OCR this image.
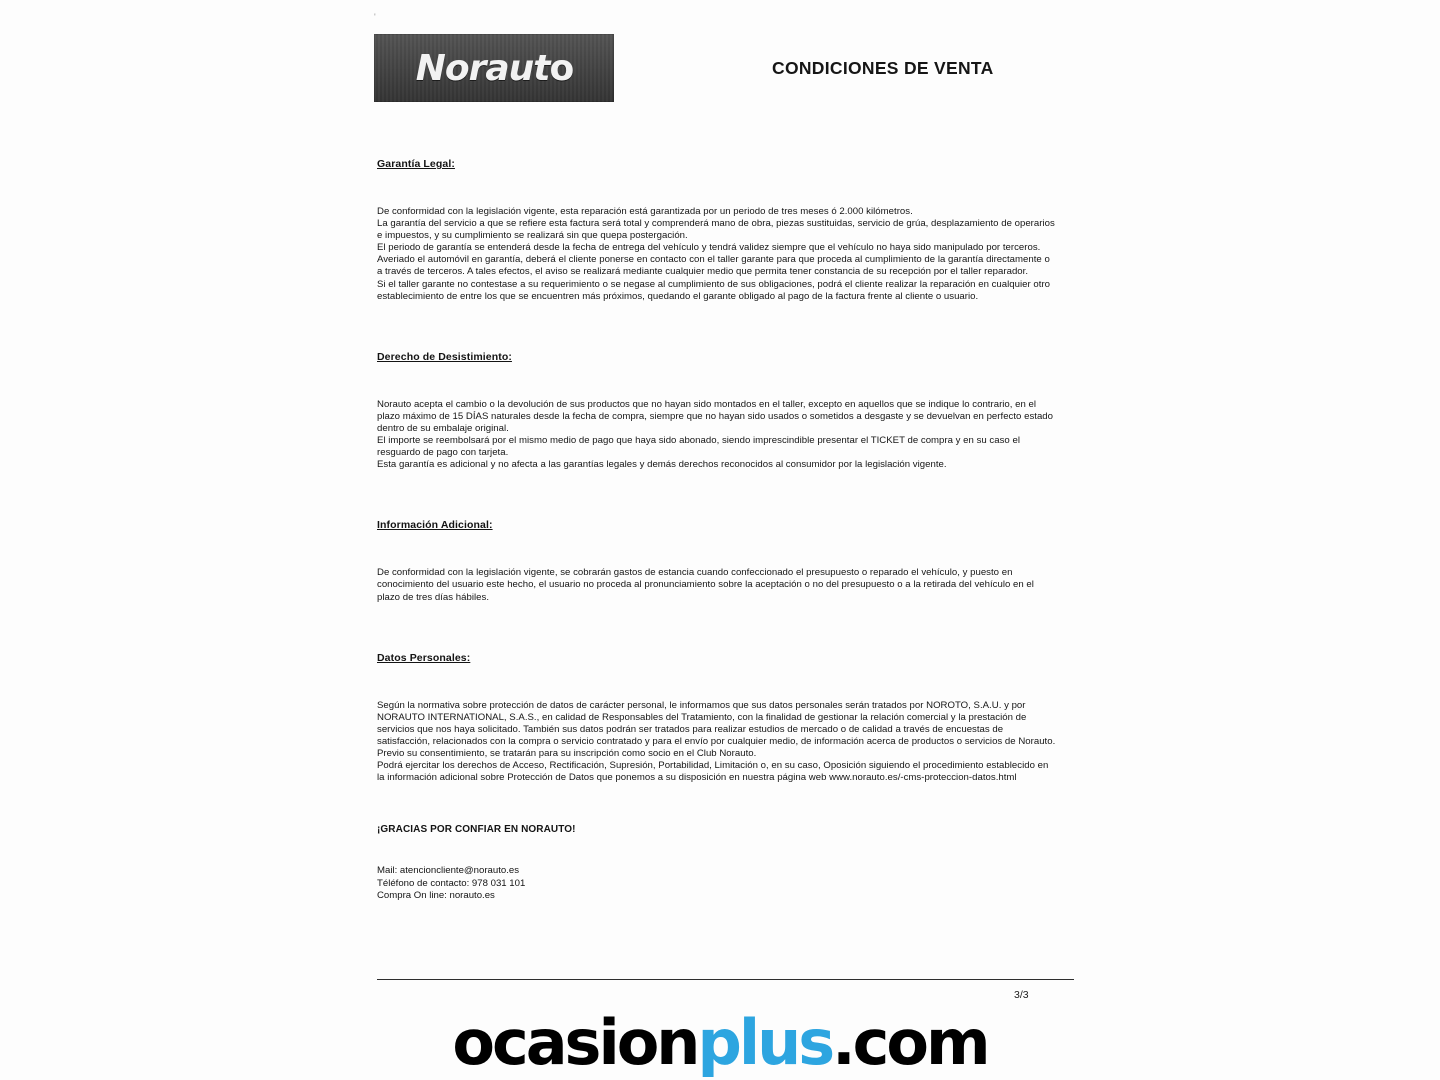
'
Norauto	CONDICIONES DE VENTA
Garantía Legal:

De conformidad con la legislación vigente, esta reparación está garantizada por un periodo de tres meses ó 2.000 kilómetros.

La garantía del servicio a que se refiere esta factura será total y comprenderá mano de obra, piezas sustituidas, servicio de grúa, desplazamiento de operarios e impuestos, y su cumplimiento se realizará sin que quepa postergación.

El periodo de garantía se entenderá desde la fecha de entrega del vehículo y tendrá validez siempre que el vehículo no haya sido manipulado por terceros.

Averiado el automóvil en garantía, deberá el cliente ponerse en contacto con el taller garante para que proceda al cumplimiento de la garantía directamente o a través de terceros. A tales efectos, el aviso se realizará mediante cualquier medio que permita tener constancia de su recepción por el taller reparador.

Si el taller garante no contestase a su requerimiento o se negase al cumplimiento de sus obligaciones, podrá el cliente realizar la reparación en cualquier otro establecimiento de entre los que se encuentren más próximos, quedando el garante obligado al pago de la factura frente al cliente o usuario.

Derecho de Desistimiento:

Norauto acepta el cambio o la devolución de sus productos que no hayan sido montados en el taller, excepto en aquellos que se indique lo contrario, en el plazo máximo de 15 DÍAS naturales desde la fecha de compra, siempre que no hayan sido usados o sometidos a desgaste y se devuelvan en perfecto estado dentro de su embalaje original.

El importe se reembolsará por el mismo medio de pago que haya sido abonado, siendo imprescindible presentar el TICKET de compra y en su caso el resguardo de pago con tarjeta.

Esta garantía es adicional y no afecta a las garantías legales y demás derechos reconocidos al consumidor por la legislación vigente.

Información Adicional:

De conformidad con la legislación vigente, se cobrarán gastos de estancia cuando confeccionado el presupuesto o reparado el vehículo, y puesto en conocimiento del usuario este hecho, el usuario no proceda al pronunciamiento sobre la aceptación o no del presupuesto o a la retirada del vehículo en el plazo de tres días hábiles.

Datos Personales:

Según la normativa sobre protección de datos de carácter personal, le informamos que sus datos personales serán tratados por NOROTO, S.A.U. y por NORAUTO INTERNATIONAL, S.A.S., en calidad de Responsables del Tratamiento, con la finalidad de gestionar la relación comercial y la prestación de servicios que nos haya solicitado. También sus datos podrán ser tratados para realizar estudios de mercado o de calidad a través de encuestas de satisfacción, relacionados con la compra o servicio contratado y para el envío por cualquier medio, de información acerca de productos o servicios de Norauto. Previo su consentimiento, se tratarán para su inscripción como socio en el Club Norauto.

Podrá ejercitar los derechos de Acceso, Rectificación, Supresión, Portabilidad, Limitación o, en su caso, Oposición siguiendo el procedimiento establecido en la información adicional sobre Protección de Datos que ponemos a su disposición en nuestra página web www.norauto.es/-cms-proteccion-datos.html

¡GRACIAS POR CONFIAR EN NORAUTO!

Mail: atencioncliente@norauto.es

Téléfono de contacto: 978 031 101

Compra On line: norauto.es

3/3
ocasionplus.com
